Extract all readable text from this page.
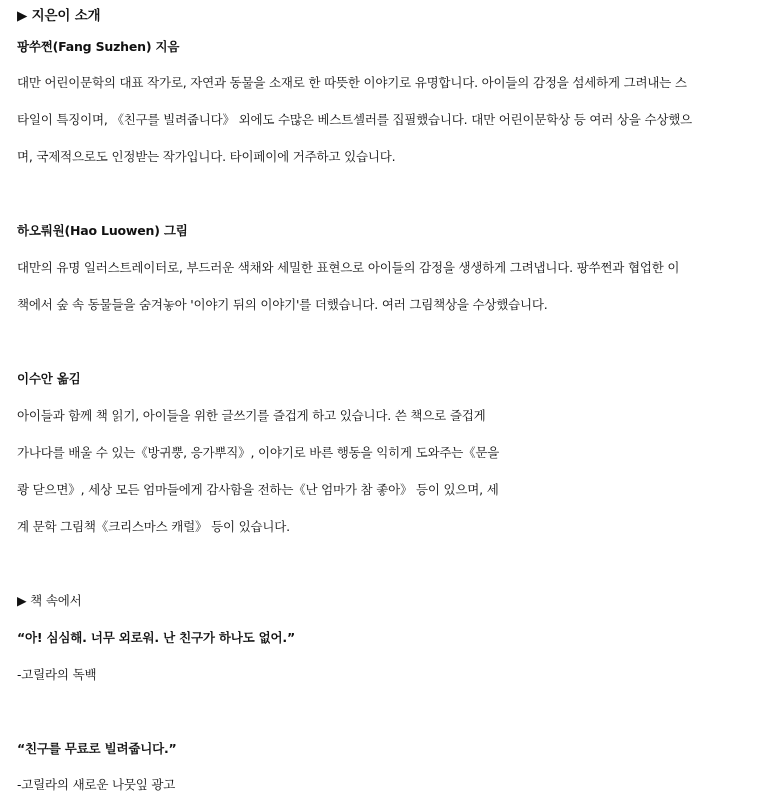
▶ 지은이 소개
팡쑤쩐(Fang Suzhen) 지음
대만 어린이문학의 대표 작가로, 자연과 동물을 소재로 한 따뜻한 이야기로 유명합니다. 아이들의 감정을 섬세하게 그려내는 스
타일이 특징이며, 《친구를 빌려줍니다》 외에도 수많은 베스트셀러를 집필했습니다. 대만 어린이문학상 등 여러 상을 수상했으
며, 국제적으로도 인정받는 작가입니다. 타이페이에 거주하고 있습니다.
하오뤄원(Hao Luowen) 그림
대만의 유명 일러스트레이터로, 부드러운 색채와 세밀한 표현으로 아이들의 감정을 생생하게 그려냅니다. 팡쑤쩐과 협업한 이
책에서 숲 속 동물들을 숨겨놓아 '이야기 뒤의 이야기'를 더했습니다. 여러 그림책상을 수상했습니다.
이수안 옮김
아이들과 함께 책 읽기, 아이들을 위한 글쓰기를 즐겁게 하고 있습니다. 쓴 책으로 즐겁게
가나다를 배울 수 있는《방귀뿡, 응가뿌직》, 이야기로 바른 행동을 익히게 도와주는《문을
쾅 닫으면》, 세상 모든 엄마들에게 감사함을 전하는《난 엄마가 참 좋아》 등이 있으며, 세
계 문학 그림책《크리스마스 캐럴》 등이 있습니다.
▶ 책 속에서
“아! 심심해. 너무 외로워. 난 친구가 하나도 없어.”
-고릴라의 독백
“친구를 무료로 빌려줍니다.”
-고릴라의 새로운 나뭇잎 광고
